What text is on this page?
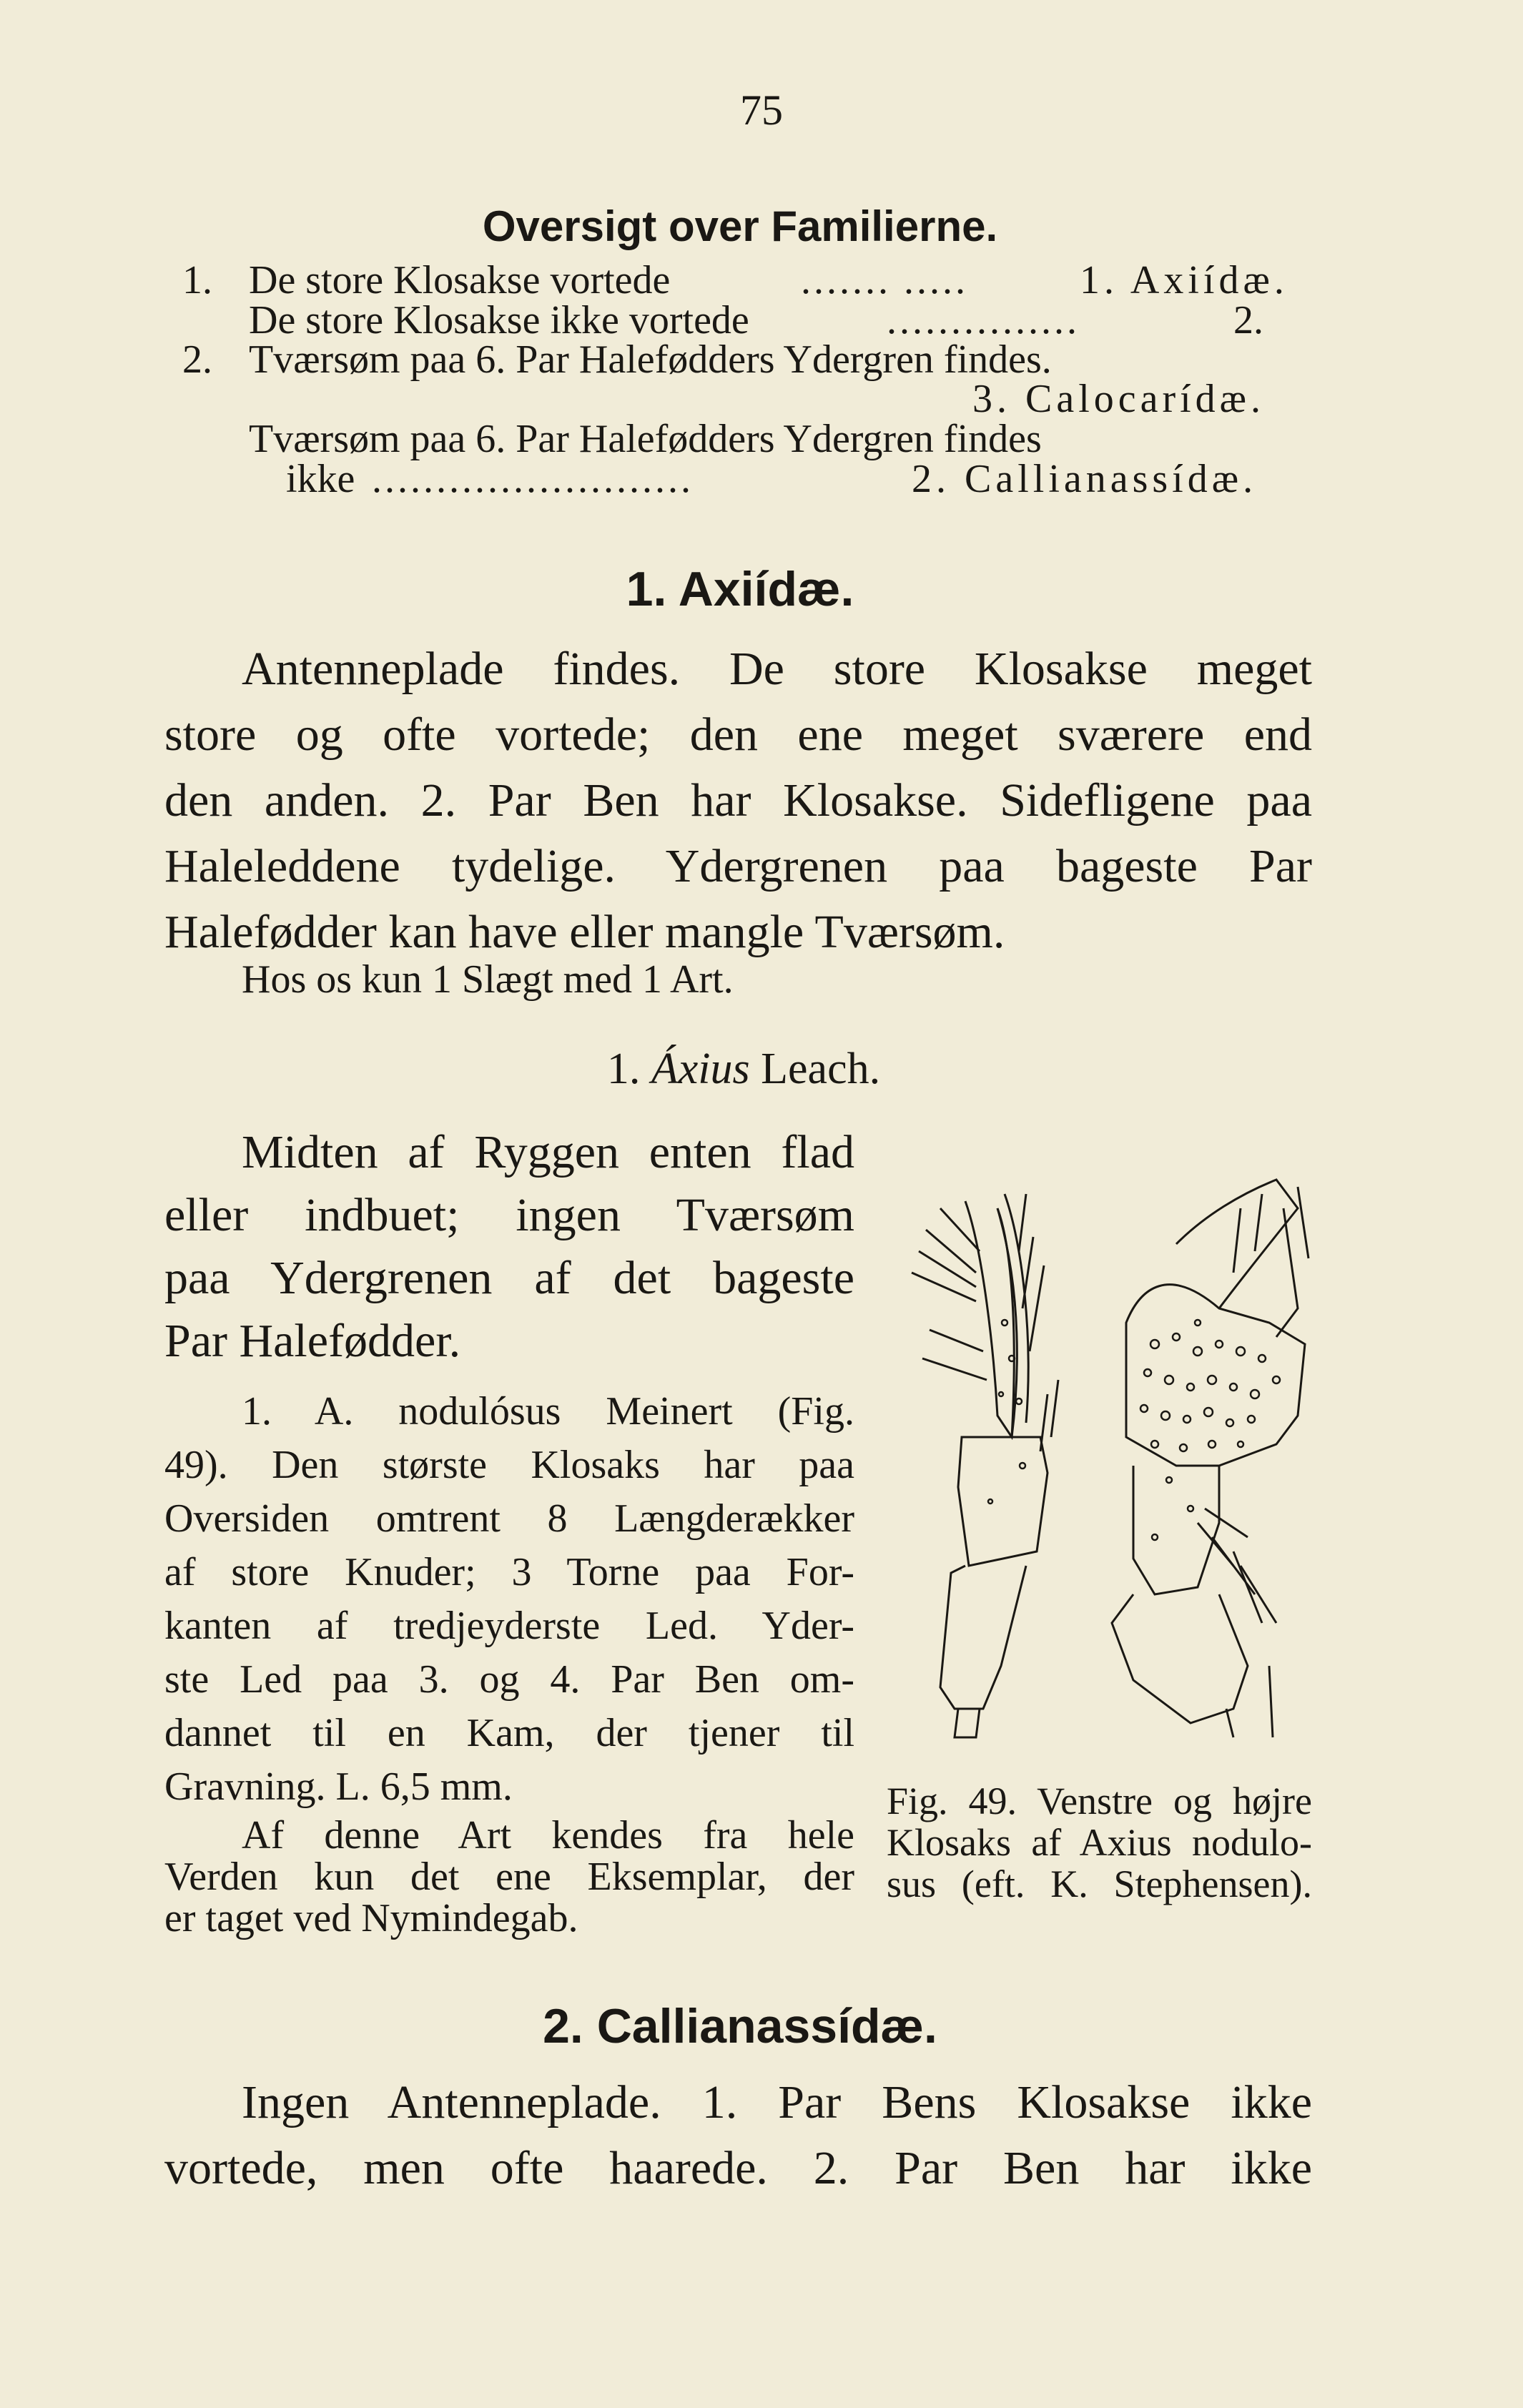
75
Oversigt over Familierne.
1. De store Klosakse vortede	....... .....	1. Axiídæ.
De store Klosakse ikke vortede	...............	2.
2. Tværsøm paa 6. Par Halefødders Ydergren findes.
3. Calocarídæ.
Tværsøm paa 6. Par Halefødders Ydergren findes
ikke .........................	2. Callianassídæ.
1. Axiídæ.
Antenneplade findes. De store Klosakse meget
store og ofte vortede; den ene meget sværere end
den anden. 2. Par Ben har Klosakse. Sidefligene paa
Haleleddene tydelige. Ydergrenen paa bageste Par
Halefødder kan have eller mangle Tværsøm.
Hos os kun 1 Slægt med 1 Art.
1. Áxius Leach.
Midten af Ryggen enten flad
eller indbuet; ingen Tværsøm
paa Ydergrenen af det bageste
Par Halefødder.
1. A. nodulósus Meinert (Fig.
49). Den største Klosaks har paa
Oversiden omtrent 8 Længderækker
af store Knuder; 3 Torne paa For-
kanten af tredjeyderste Led. Yder-
ste Led paa 3. og 4. Par Ben om-
dannet til en Kam, der tjener til
Gravning. L. 6,5 mm.
Af denne Art kendes fra hele
Verden kun det ene Eksemplar, der
er taget ved Nymindegab.
Fig. 49. Venstre og højre
Klosaks af Axius nodulo-
sus (eft. K. Stephensen).
2. Callianassídæ.
Ingen Antenneplade. 1. Par Bens Klosakse ikke
vortede, men ofte haarede. 2. Par Ben har ikke
